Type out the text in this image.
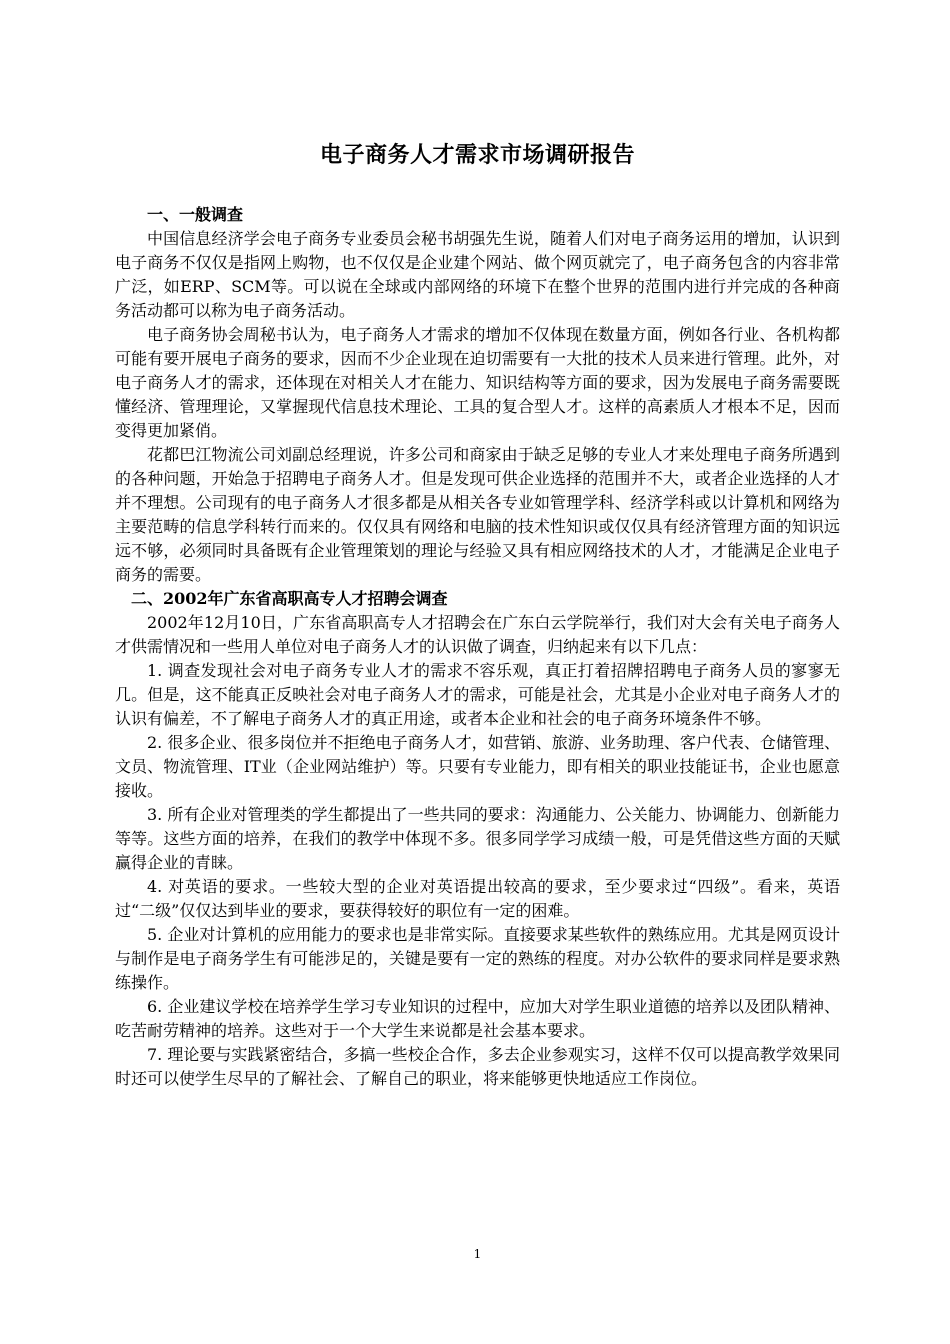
电子商务人才需求市场调研报告

一、一般调查

中国信息经济学会电子商务专业委员会秘书胡强先生说，随着人们对电子商务运用的增加，认识到电子商务不仅仅是指网上购物，也不仅仅是企业建个网站、做个网页就完了，电子商务包含的内容非常广泛，如ERP、SCM等。可以说在全球或内部网络的环境下在整个世界的范围内进行并完成的各种商务活动都可以称为电子商务活动。

电子商务协会周秘书认为，电子商务人才需求的增加不仅体现在数量方面，例如各行业、各机构都可能有要开展电子商务的要求，因而不少企业现在迫切需要有一大批的技术人员来进行管理。此外，对电子商务人才的需求，还体现在对相关人才在能力、知识结构等方面的要求，因为发展电子商务需要既懂经济、管理理论，又掌握现代信息技术理论、工具的复合型人才。这样的高素质人才根本不足，因而变得更加紧俏。

花都巴江物流公司刘副总经理说，许多公司和商家由于缺乏足够的专业人才来处理电子商务所遇到的各种问题，开始急于招聘电子商务人才。但是发现可供企业选择的范围并不大，或者企业选择的人才并不理想。公司现有的电子商务人才很多都是从相关各专业如管理学科、经济学科或以计算机和网络为主要范畴的信息学科转行而来的。仅仅具有网络和电脑的技术性知识或仅仅具有经济管理方面的知识远远不够，必须同时具备既有企业管理策划的理论与经验又具有相应网络技术的人才，才能满足企业电子商务的需要。

二、2002年广东省高职高专人才招聘会调查

2002年12月10日，广东省高职高专人才招聘会在广东白云学院举行，我们对大会有关电子商务人才供需情况和一些用人单位对电子商务人才的认识做了调查，归纳起来有以下几点：

1. 调查发现社会对电子商务专业人才的需求不容乐观，真正打着招牌招聘电子商务人员的寥寥无几。但是，这不能真正反映社会对电子商务人才的需求，可能是社会，尤其是小企业对电子商务人才的认识有偏差，不了解电子商务人才的真正用途，或者本企业和社会的电子商务环境条件不够。

2. 很多企业、很多岗位并不拒绝电子商务人才，如营销、旅游、业务助理、客户代表、仓储管理、文员、物流管理、IT业（企业网站维护）等。只要有专业能力，即有相关的职业技能证书，企业也愿意接收。

3. 所有企业对管理类的学生都提出了一些共同的要求：沟通能力、公关能力、协调能力、创新能力等等。这些方面的培养，在我们的教学中体现不多。很多同学学习成绩一般，可是凭借这些方面的天赋赢得企业的青睐。

4. 对英语的要求。一些较大型的企业对英语提出较高的要求，至少要求过“四级”。看来，英语过“二级”仅仅达到毕业的要求，要获得较好的职位有一定的困难。

5. 企业对计算机的应用能力的要求也是非常实际。直接要求某些软件的熟练应用。尤其是网页设计与制作是电子商务学生有可能涉足的，关键是要有一定的熟练的程度。对办公软件的要求同样是要求熟练操作。

6. 企业建议学校在培养学生学习专业知识的过程中，应加大对学生职业道德的培养以及团队精神、吃苦耐劳精神的培养。这些对于一个大学生来说都是社会基本要求。

7. 理论要与实践紧密结合，多搞一些校企合作，多去企业参观实习，这样不仅可以提高教学效果同时还可以使学生尽早的了解社会、了解自己的职业，将来能够更快地适应工作岗位。

1
